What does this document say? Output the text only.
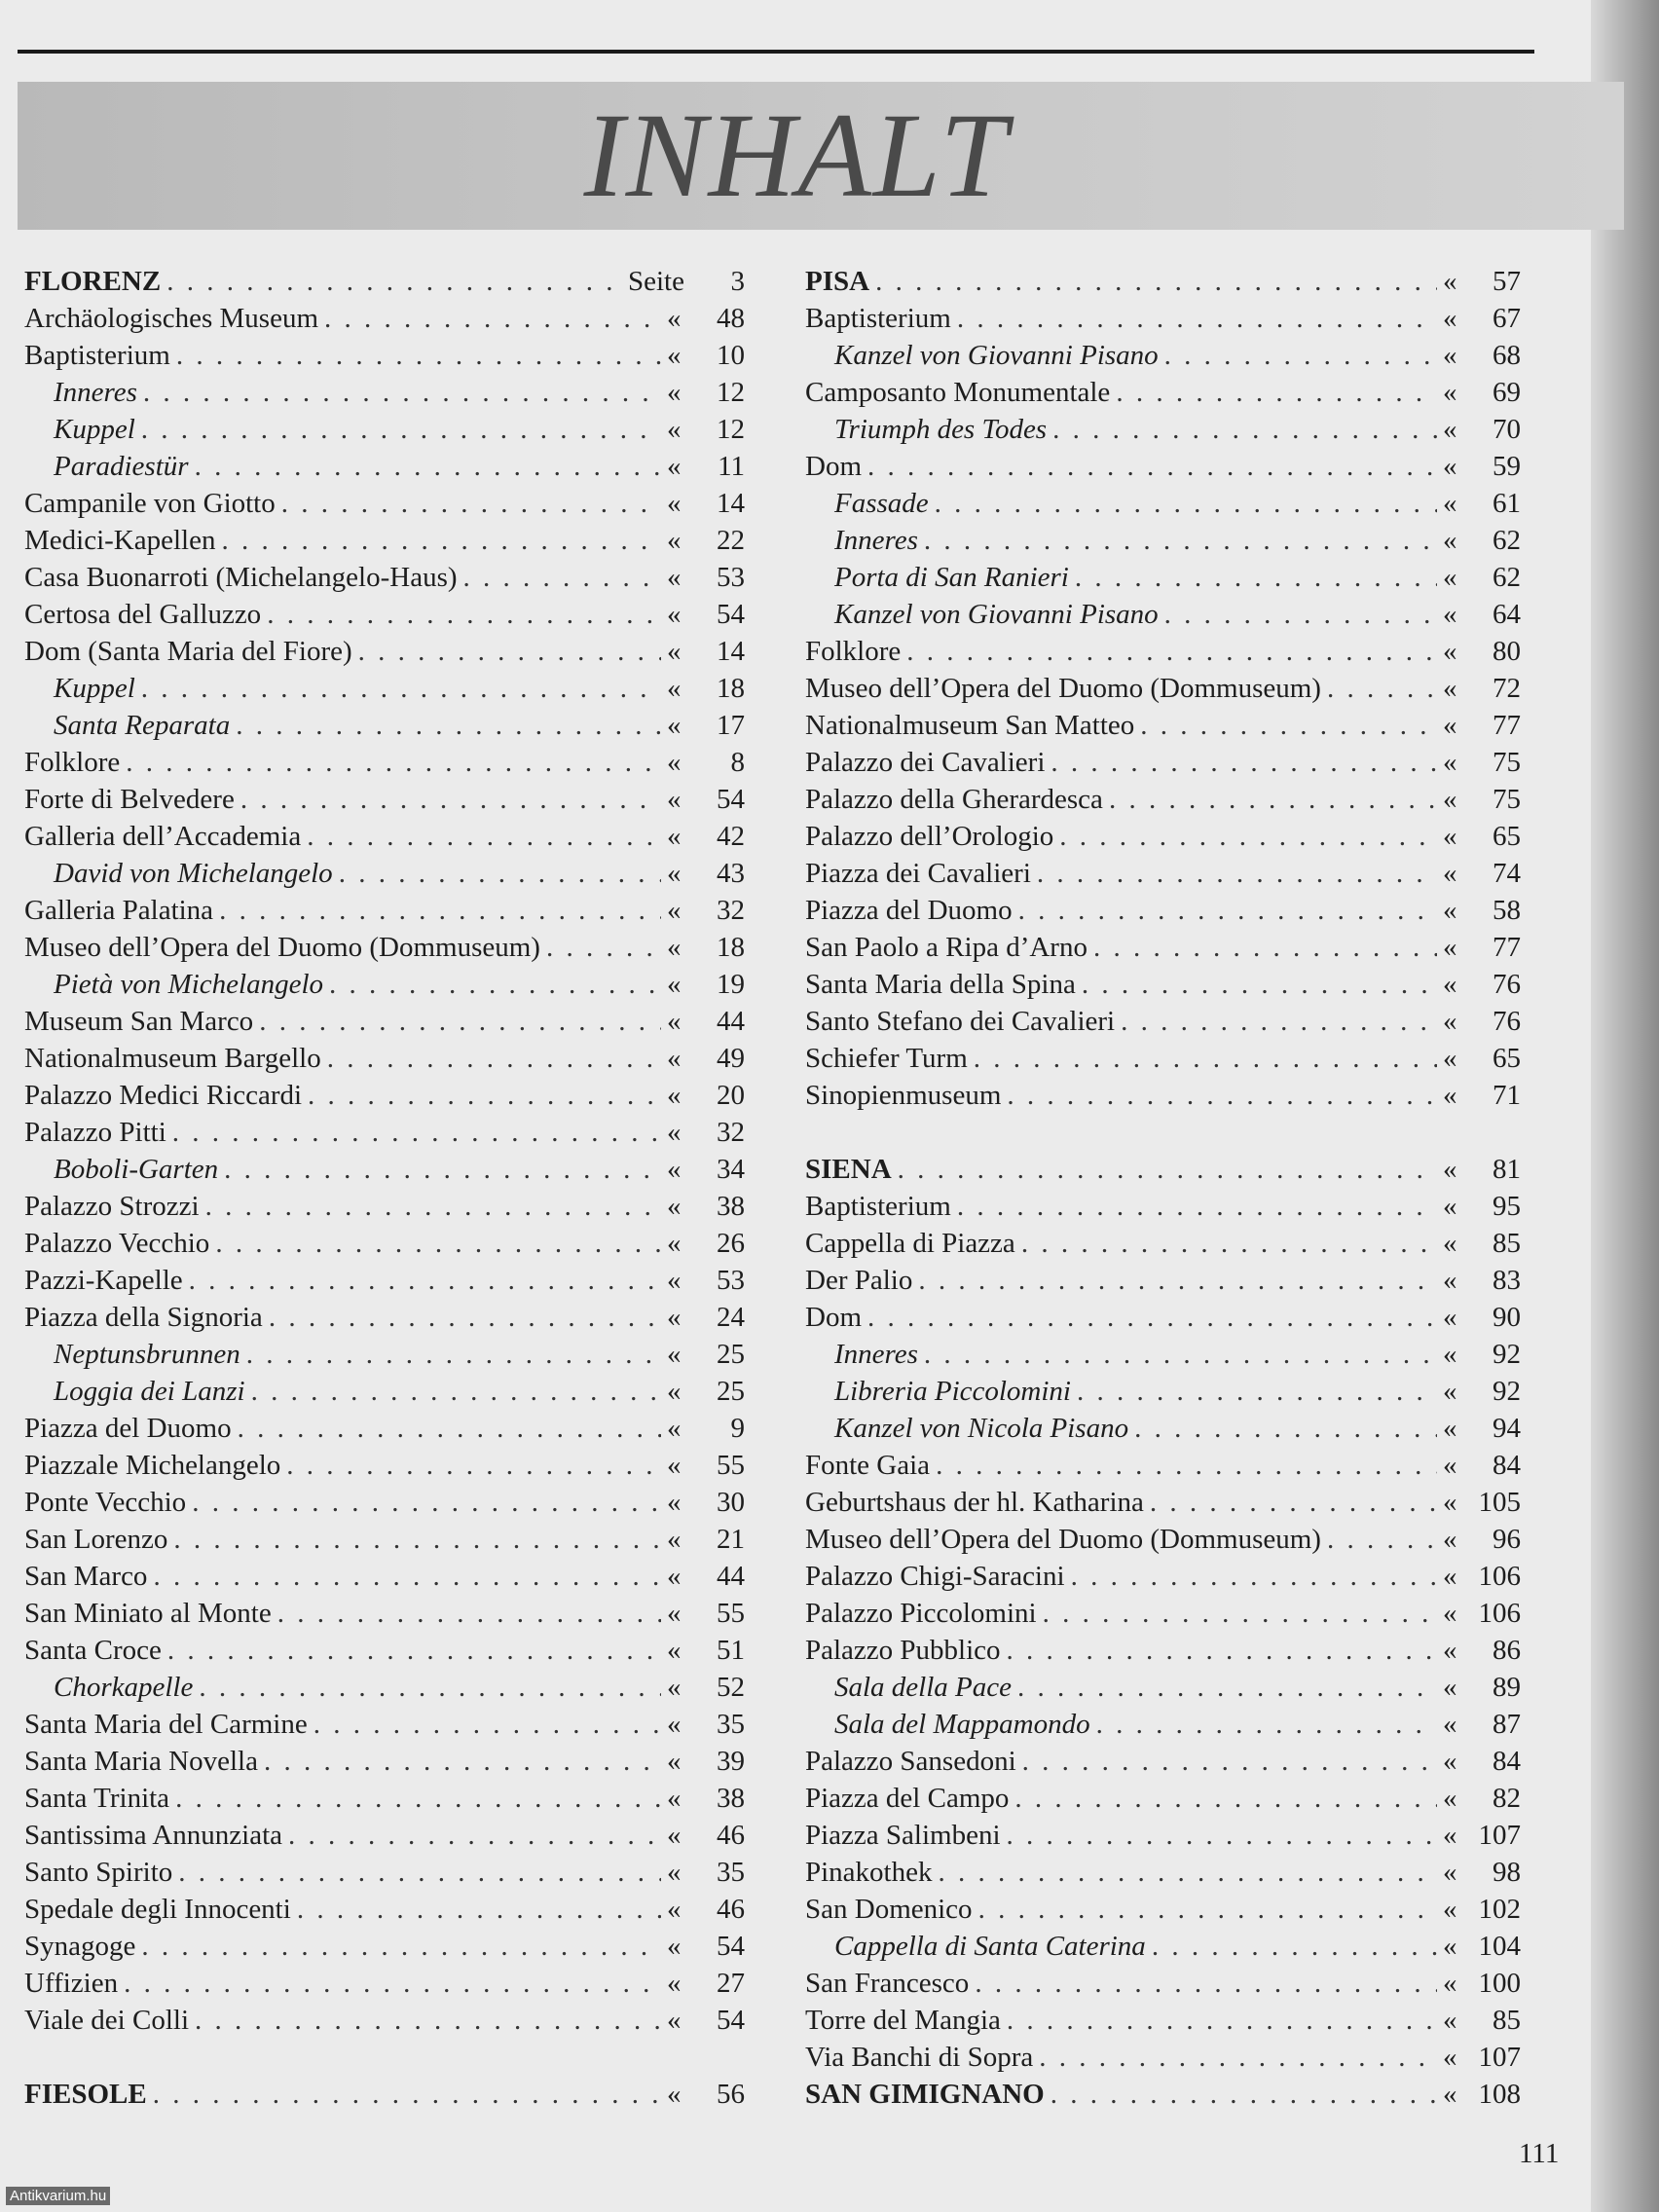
INHALT
FLORENZ . . .	Seite	3
Archäologisches Museum . . .	«	48
Baptisterium . . .	«	10
Inneres . . .	«	12
Kuppel . . .	«	12
Paradiestür . . .	«	11
Campanile von Giotto . . .	«	14
Medici-Kapellen . . .	«	22
Casa Buonarroti (Michelangelo-Haus) . . .	«	53
Certosa del Galluzzo . . .	«	54
Dom (Santa Maria del Fiore) . . .	«	14
Kuppel . . .	«	18
Santa Reparata . . .	«	17
Folklore . . .	«	8
Forte di Belvedere . . .	«	54
Galleria dell’Accademia . . .	«	42
David von Michelangelo . . .	«	43
Galleria Palatina . . .	«	32
Museo dell’Opera del Duomo (Dommuseum) . . .	«	18
Pietà von Michelangelo . . .	«	19
Museum San Marco . . .	«	44
Nationalmuseum Bargello . . .	«	49
Palazzo Medici Riccardi . . .	«	20
Palazzo Pitti . . .	«	32
Boboli-Garten . . .	«	34
Palazzo Strozzi . . .	«	38
Palazzo Vecchio . . .	«	26
Pazzi-Kapelle . . .	«	53
Piazza della Signoria . . .	«	24
Neptunsbrunnen . . .	«	25
Loggia dei Lanzi . . .	«	25
Piazza del Duomo . . .	«	9
Piazzale Michelangelo . . .	«	55
Ponte Vecchio . . .	«	30
San Lorenzo . . .	«	21
San Marco . . .	«	44
San Miniato al Monte . . .	«	55
Santa Croce . . .	«	51
Chorkapelle . . .	«	52
Santa Maria del Carmine . . .	«	35
Santa Maria Novella . . .	«	39
Santa Trinita . . .	«	38
Santissima Annunziata . . .	«	46
Santo Spirito . . .	«	35
Spedale degli Innocenti . . .	«	46
Synagoge . . .	«	54
Uffizien . . .	«	27
Viale dei Colli . . .	«	54
FIESOLE . . .	«	56
PISA . . .	«	57
Baptisterium . . .	«	67
Kanzel von Giovanni Pisano . . .	«	68
Camposanto Monumentale . . .	«	69
Triumph des Todes . . .	«	70
Dom . . .	«	59
Fassade . . .	«	61
Inneres . . .	«	62
Porta di San Ranieri . . .	«	62
Kanzel von Giovanni Pisano . . .	«	64
Folklore . . .	«	80
Museo dell’Opera del Duomo (Dommuseum) . . .	«	72
Nationalmuseum San Matteo . . .	«	77
Palazzo dei Cavalieri . . .	«	75
Palazzo della Gherardesca . . .	«	75
Palazzo dell’Orologio . . .	«	65
Piazza dei Cavalieri . . .	«	74
Piazza del Duomo . . .	«	58
San Paolo a Ripa d’Arno . . .	«	77
Santa Maria della Spina . . .	«	76
Santo Stefano dei Cavalieri . . .	«	76
Schiefer Turm . . .	«	65
Sinopienmuseum . . .	«	71
SIENA . . .	«	81
Baptisterium . . .	«	95
Cappella di Piazza . . .	«	85
Der Palio . . .	«	83
Dom . . .	«	90
Inneres . . .	«	92
Libreria Piccolomini . . .	«	92
Kanzel von Nicola Pisano . . .	«	94
Fonte Gaia . . .	«	84
Geburtshaus der hl. Katharina . . .	« 105
Museo dell’Opera del Duomo (Dommuseum) . . .	«	96
Palazzo Chigi-Saracini . . .	« 106
Palazzo Piccolomini . . .	« 106
Palazzo Pubblico . . .	«	86
Sala della Pace . . .	«	89
Sala del Mappamondo . . .	«	87
Palazzo Sansedoni . . .	«	84
Piazza del Campo . . .	«	82
Piazza Salimbeni . . .	« 107
Pinakothek . . .	«	98
San Domenico . . .	« 102
Cappella di Santa Caterina . . .	« 104
San Francesco . . .	« 100
Torre del Mangia . . .	«	85
Via Banchi di Sopra . . .	« 107
SAN GIMIGNANO . . .	« 108
111
Antikvarium.hu
